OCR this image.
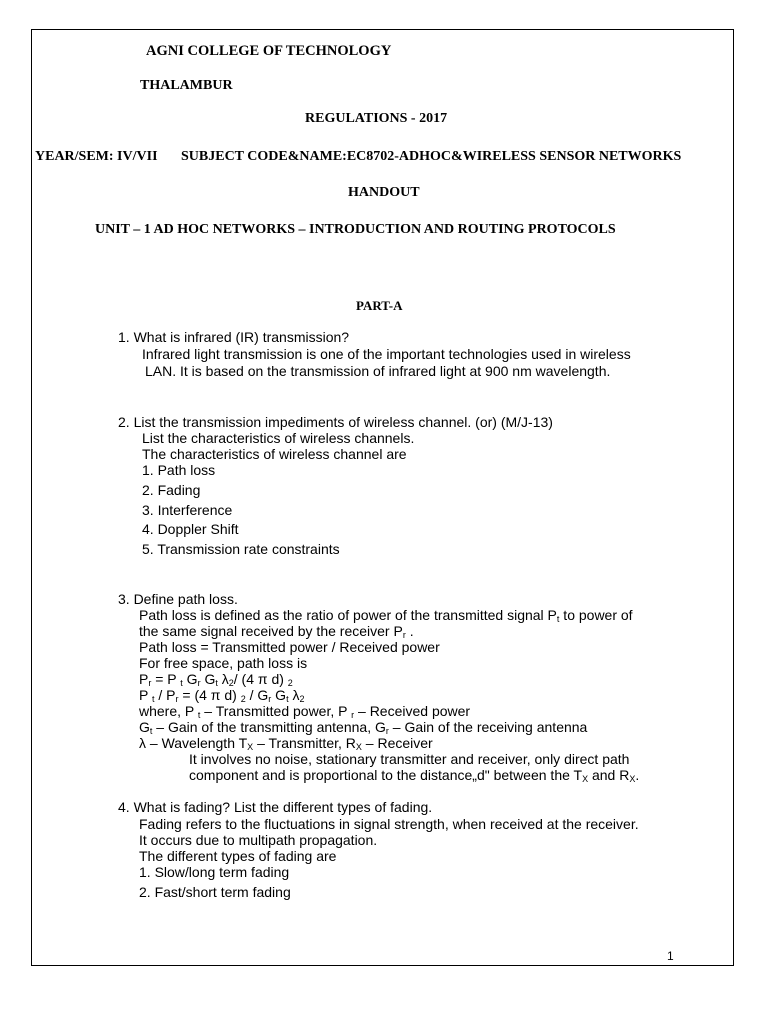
AGNI COLLEGE OF TECHNOLOGY
THALAMBUR
REGULATIONS - 2017
YEAR/SEM: IV/VII SUBJECT CODE&NAME:EC8702-ADHOC&WIRELESS SENSOR NETWORKS
HANDOUT
UNIT – 1 AD HOC NETWORKS – INTRODUCTION AND ROUTING PROTOCOLS
PART-A
1. What is infrared (IR) transmission?
Infrared light transmission is one of the important technologies used in wireless
LAN. It is based on the transmission of infrared light at 900 nm wavelength.
2. List the transmission impediments of wireless channel. (or) (M/J-13)
List the characteristics of wireless channels.
The characteristics of wireless channel are
1. Path loss
2. Fading
3. Interference
4. Doppler Shift
5. Transmission rate constraints
3. Define path loss.
Path loss is defined as the ratio of power of the transmitted signal $P_t$ to power of
the same signal received by the receiver $P_r$ .
Path loss = Transmitted power / Received power
For free space, path loss is
$P_r = P$ $_t$ $G_r$ $G_t$ $\lambda_2/$ (4 π d) $_2$
P $_t / P_r = (4$ π d) $_2 / G_r$ $G_t$ $\lambda_2$
where, P $_t$ – Transmitted power, P $_r$ – Received power
$G_t$ – Gain of the transmitting antenna, $G_r$ – Gain of the receiving antenna
λ – Wavelength $T_X$ – Transmitter, $R_X$ – Receiver
It involves no noise, stationary transmitter and receiver, only direct path
component and is proportional to the distance„d" between the $T_X$ and $R_X$.
4. What is fading? List the different types of fading.
Fading refers to the fluctuations in signal strength, when received at the receiver.
It occurs due to multipath propagation.
The different types of fading are
1. Slow/long term fading
2. Fast/short term fading
1
